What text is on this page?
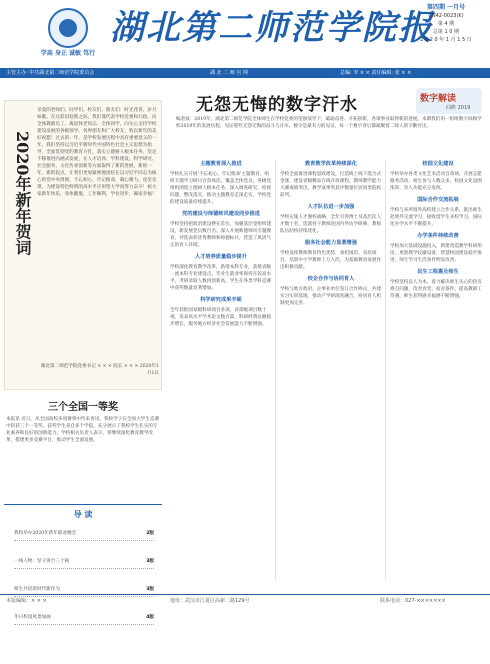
学高 身正 诚敏 笃行
湖北第二师范学院报
第四期 一月号
CN42-0023(K)
第 4 期
总第 1 0 期
2 0 2 0 年 1 月 1 5 日
主管主办: 中共湖北第二师范学院委员会	湖 北 二 师 官 网	总编: 李 × × 责任编辑: 张 × ×
2020年新年贺词
亲爱的老师们、同学们、校友们、朋友们：时光荏苒，岁月如歌。在这辞旧迎新之际，我们谨代表学校党委和行政，向全体教职员工、离退休老同志、全体同学，向关心支持学校建设发展的各级领导、各界朋友和广大校友，致以新年的美好祝愿！过去的一年，是学校发展历程中具有重要意义的一年。我们坚持以习近平新时代中国特色社会主义思想为指导，全面贯彻党的教育方针，落实立德树人根本任务，坚定不移推进内涵式发展，在人才培养、学科建设、科学研究、社会服务、文化传承创新等方面取得了新的进展。新的一年，新的起点。让我们更加紧密地团结在以习近平同志为核心的党中央周围，不忘初心、牢记使命，凝心聚力、攻坚克难，为建设特色鲜明的高水平应用型大学而努力奋斗！祝大家新年快乐，身体健康，工作顺利，学业进步，阖家幸福！
湖北第二师范学院党委书记 × × × 院长 × × × 2020年1月1日
三个全国一等奖
本报讯 近日，从全国高校多项赛事中传来喜讯，我校学子在全国大学生竞赛中斩获三个一等奖。获奖学生来自多个学院，充分展示了我校学生扎实的专业素养和良好的创新能力。学校相关负责人表示，将继续深化教育教学改革，搭建更多竞赛平台，推动学生全面发展。
导 读
我校举办2020年新年联欢晚会	2版
一线人物：坚守讲台三十载	3版
师生共话新时代新作为	3版
冬日校园风景如画	4版
无怨无悔的数字汗水	数字解读
回眸 2019
编者按：2019年，湖北第二师范学院全体师生在学校党委的坚强领导下，砥砺奋进、开拓创新，各项事业取得新的进展。本期我们用一组组数字回顾学校2019年的发展历程，见证那些无怨无悔的奋斗与汗水。数字是最有力的见证，每一个数字背后都凝聚着二师人的辛勤付出。
主题教育深入推进
学校扎实开展'不忘初心、牢记使命'主题教育，组织专题学习研讨百余场次，覆盖全体党员。各级党组织围绕立德树人根本任务，深入调查研究，检视问题，整改落实，推动主题教育走深走实，学校党的建设质量持续提升。
党的建设与师德师风建设同步推进
学校坚持把政治建设摆在首位，加强基层党组织建设，新发展党员数百名。深入开展师德师风专题教育，评选表彰优秀教师和师德标兵，营造了风清气正的育人环境。
人才培养质量稳步提升
学校深化教育教学改革，新增本科专业，获批省级一流本科专业建设点。毕业生就业率保持在较高水平，考研录取人数再创新高，学生在各类学科竞赛中获奖数量显著增加。
科学研究成果丰硕
全年获批国家级科研项目多项，省部级项目数十项，发表高水平学术论文数百篇，科研经费总额稳步增长，服务地方经济社会发展能力不断增强。
教育教学改革持续深化
学校全面推进课程思政建设，打造线上线下混合式金课，建设省级精品在线开放课程。教师教学能力大赛成绩突出，教学成果奖获评数量位居同类院校前列。
人才队伍进一步加强
学校实施人才强校战略，全年引进博士及高层次人才数十名，选派骨干教师赴国内外访学研修，教师队伍结构持续优化。
服务社会能力显著增强
学校发挥教师教育特色优势，承担国培、省培项目，培训中小学教师上万人次，为基础教育发展作出积极贡献。
校企合作与协同育人
学校与地方政府、企事业单位签订合作协议，共建实习实训基地，推动产学研深度融合，协同育人机制更加完善。
校园文化建设
学校举办各类文化艺术活动百余场，开展志愿服务活动，师生参与人数众多，校园文化氛围浓厚，育人功能充分发挥。
国际合作交流拓展
学校与多所境外高校建立合作关系，派出师生赴境外交流学习，接收留学生来校学习，国际化办学水平不断提升。
办学条件持续改善
学校加大基础设施投入，新建改造教学科研用房，更新教学仪器设备，智慧校园建设稳步推进，师生学习生活条件明显改善。
民生工程惠及师生
学校坚持以人为本，着力解决师生关心的热点难点问题，改善食堂、宿舍条件，提高教职工待遇，师生获得感幸福感不断增强。
本版编辑：× × ×	地址：武汉市江夏区高新二路129号	联系电话：027-×××××××
